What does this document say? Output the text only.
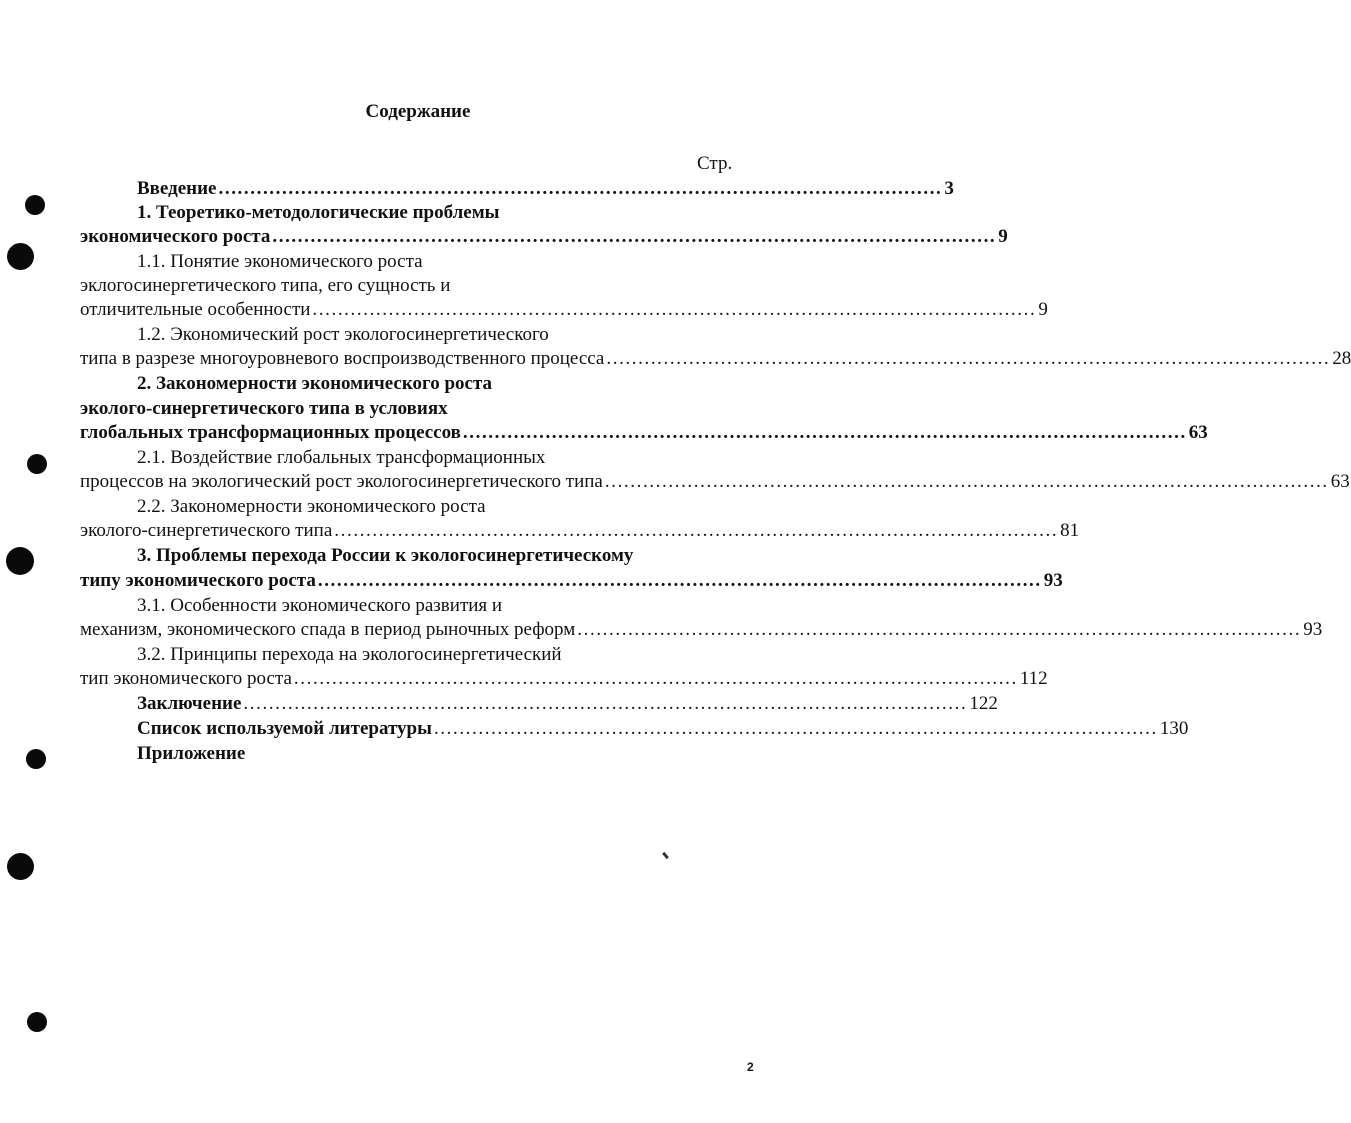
Содержание
Стр.
Введение .................................................................................................................. 3
1. Теоретико-методологические проблемы
экономического роста .................................................................................................................. 9
1.1. Понятие экономического роста
эклогосинергетического типа, его сущность и
отличительные особенности .................................................................................................................. 9
1.2. Экономический рост экологосинергетического
типа в разрезе многоуровневого воспроизводственного процесса .................................................................................................................. 28
2. Закономерности экономического роста
эколого-синергетического типа в условиях
глобальных трансформационных процессов .................................................................................................................. 63
2.1. Воздействие глобальных трансформационных
процессов на экологический рост экологосинергетического типа .................................................................................................................. 63
2.2. Закономерности экономического роста
эколого-синергетического типа .................................................................................................................. 81
3. Проблемы перехода России к экологосинергетическому
типу экономического роста .................................................................................................................. 93
3.1. Особенности экономического развития и
механизм, экономического спада в период рыночных реформ .................................................................................................................. 93
3.2. Принципы перехода на экологосинергетический
тип экономического роста .................................................................................................................. 112
Заключение .................................................................................................................. 122
Список используемой литературы .................................................................................................................. 130
Приложение
2
